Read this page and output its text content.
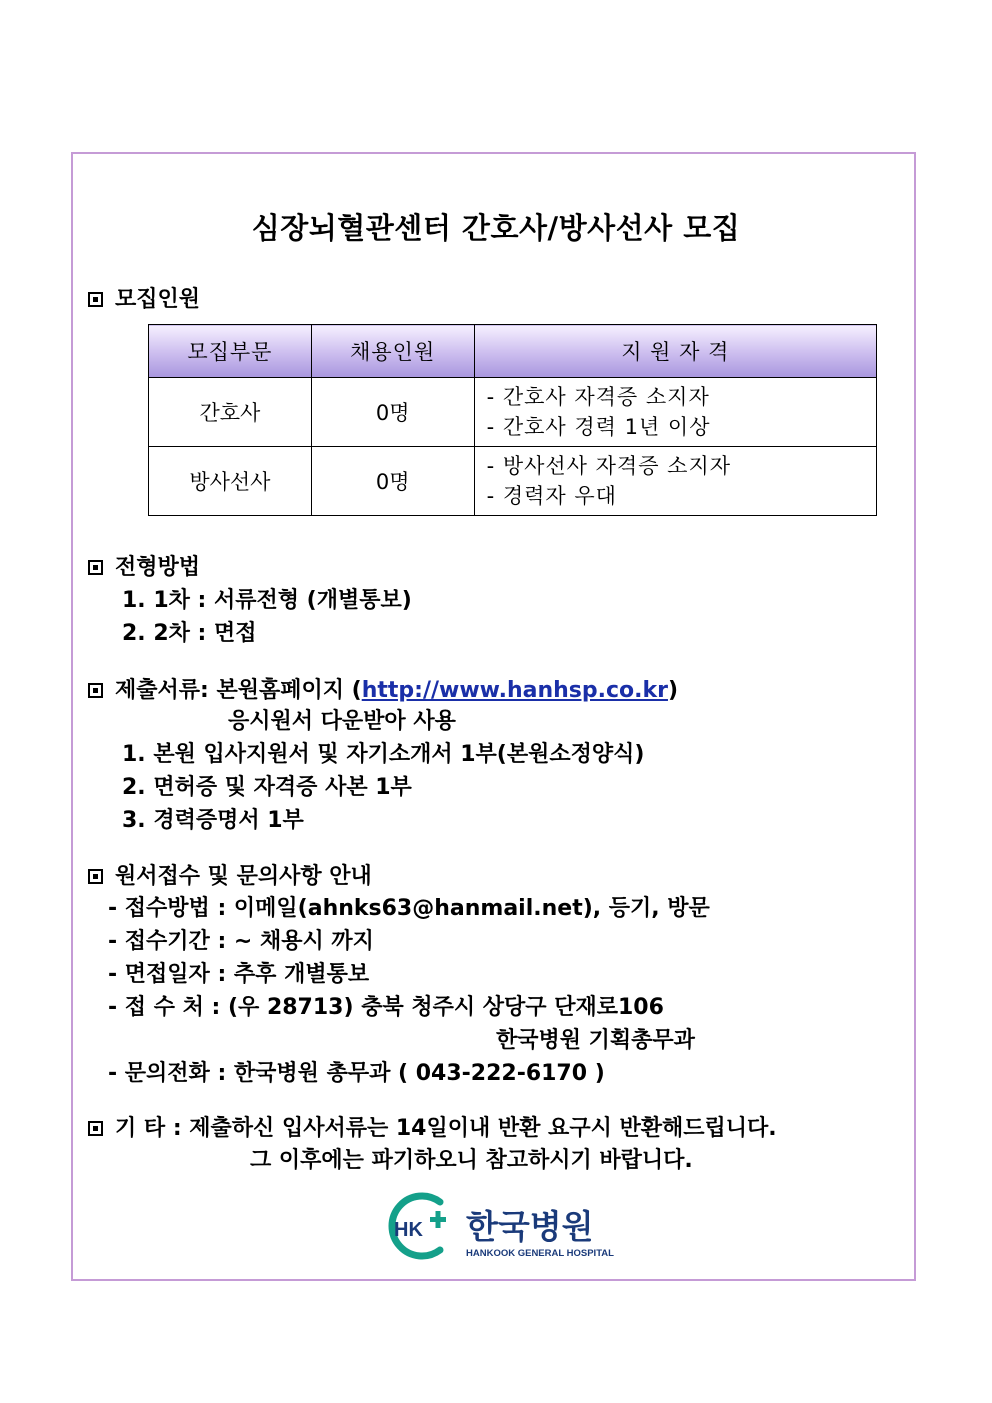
심장뇌혈관센터 간호사/방사선사 모집
모집인원
모집부문	채용인원	지 원 자 격
간호사	0명	- 간호사 자격증 소지자
- 간호사 경력 1년 이상

방사선사	0명	- 방사선사 자격증 소지자
- 경력자 우대
전형방법
1. 1차 : 서류전형 (개별통보)
2. 2차 : 면접
제출서류: 본원홈페이지 (http://www.hanhsp.co.kr)
응시원서 다운받아 사용
1. 본원 입사지원서 및 자기소개서 1부(본원소정양식)
2. 면허증 및 자격증 사본 1부
3. 경력증명서 1부
원서접수 및 문의사항 안내
- 접수방법 : 이메일(ahnks63@hanmail.net), 등기, 방문
- 접수기간 : ~ 채용시 까지
- 면접일자 : 추후 개별통보
- 접 수 처 : (우 28713) 충북 청주시 상당구 단재로106
한국병원 기획총무과
- 문의전화 : 한국병원 총무과 ( 043-222-6170 )
기 타 : 제출하신 입사서류는 14일이내 반환 요구시 반환해드립니다.
그 이후에는 파기하오니 참고하시기 바랍니다.
HK 한국병원
HANKOOK GENERAL HOSPITAL
